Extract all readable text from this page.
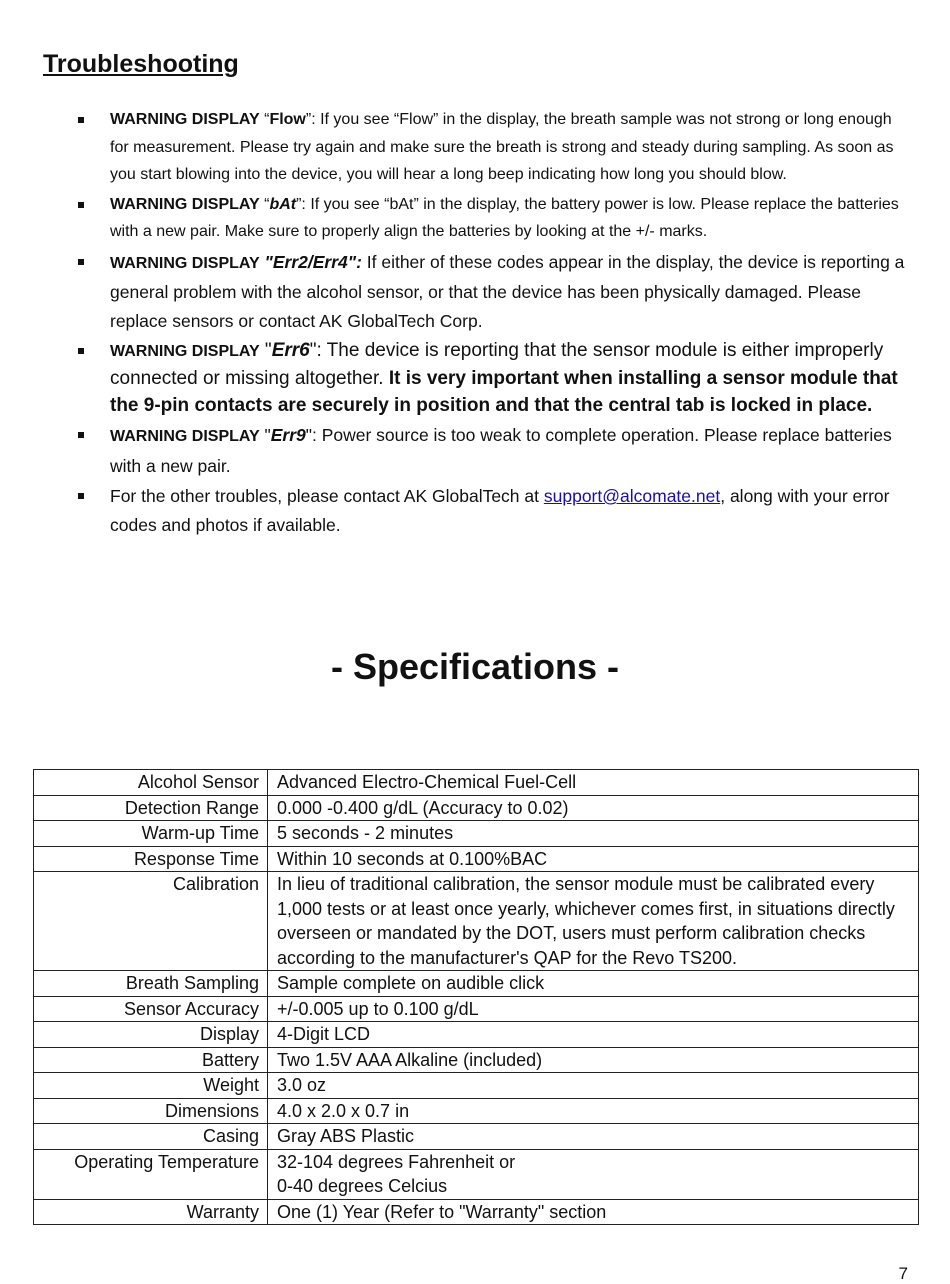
Troubleshooting
WARNING DISPLAY “Flow”: If you see “Flow” in the display, the breath sample was not strong or long enough for measurement. Please try again and make sure the breath is strong and steady during sampling. As soon as you start blowing into the device, you will hear a long beep indicating how long you should blow.
WARNING DISPLAY “bAt”: If you see “bAt” in the display, the battery power is low. Please replace the batteries with a new pair. Make sure to properly align the batteries by looking at the +/- marks.
WARNING DISPLAY "Err2/Err4": If either of these codes appear in the display, the device is reporting a general problem with the alcohol sensor, or that the device has been physically damaged. Please replace sensors or contact AK GlobalTech Corp.
WARNING DISPLAY "Err6": The device is reporting that the sensor module is either improperly connected or missing altogether. It is very important when installing a sensor module that the 9-pin contacts are securely in position and that the central tab is locked in place.
WARNING DISPLAY "Err9": Power source is too weak to complete operation. Please replace batteries with a new pair.
For the other troubles, please contact AK GlobalTech at support@alcomate.net, along with your error codes and photos if available.
- Specifications -
Alcohol Sensor	Advanced Electro-Chemical Fuel-Cell
Detection Range	0.000 -0.400 g/dL (Accuracy to 0.02)
Warm-up Time	5 seconds - 2 minutes
Response Time	Within 10 seconds at 0.100%BAC
Calibration	In lieu of traditional calibration, the sensor module must be calibrated every 1,000 tests or at least once yearly, whichever comes first, in situations directly overseen or mandated by the DOT, users must perform calibration checks according to the manufacturer's QAP for the Revo TS200.
Breath Sampling	Sample complete on audible click
Sensor Accuracy	+/-0.005 up to 0.100 g/dL
Display	4-Digit LCD
Battery	Two 1.5V AAA Alkaline (included)
Weight	3.0 oz
Dimensions	4.0 x 2.0 x 0.7 in
Casing	Gray ABS Plastic
Operating Temperature	32-104 degrees Fahrenheit or
0-40 degrees Celcius
Warranty	One (1) Year (Refer to "Warranty" section
7
